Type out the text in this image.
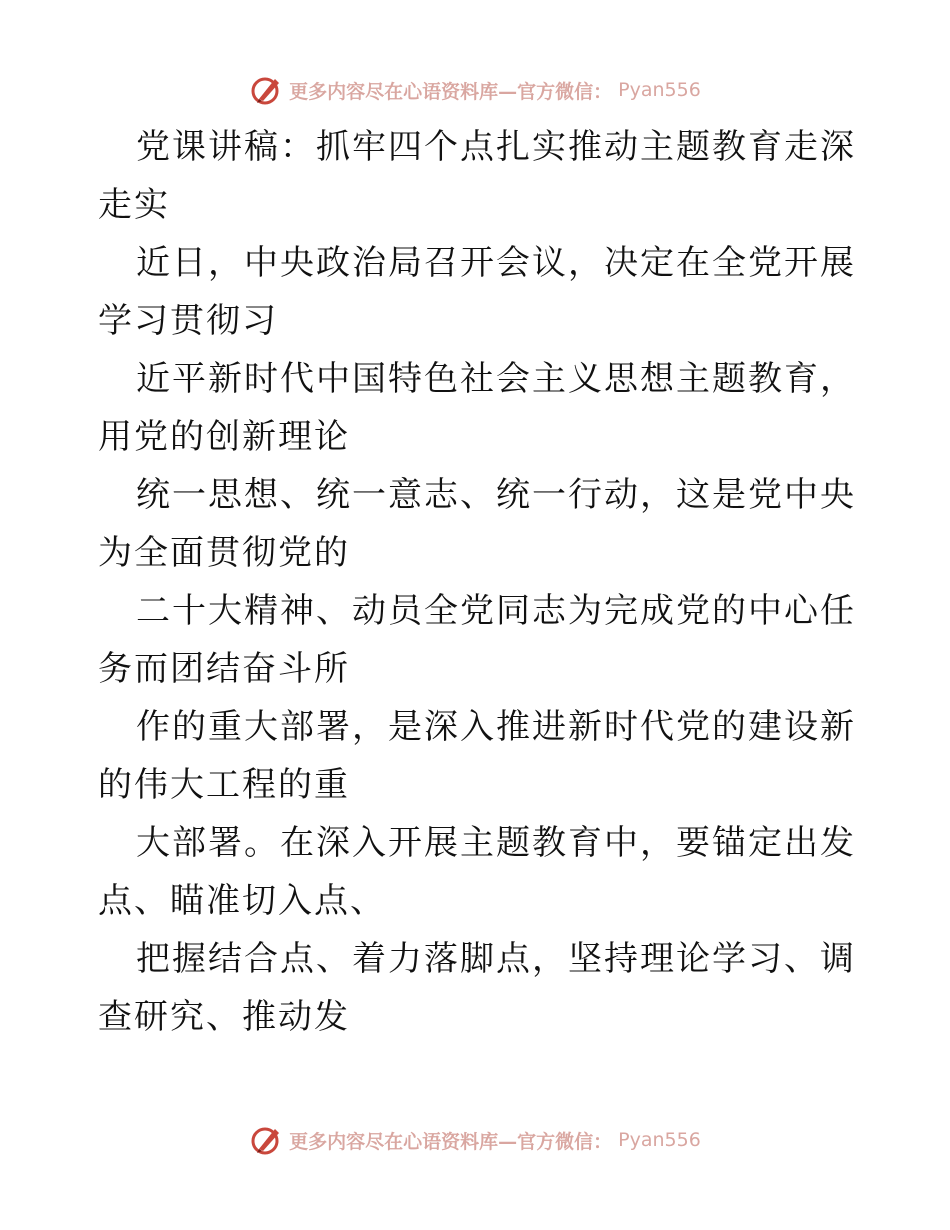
更多内容尽在心语资料库—官方微信： Pyan556

党课讲稿：抓牢四个点扎实推动主题教育走深走实

近日，中央政治局召开会议，决定在全党开展学习贯彻习

近平新时代中国特色社会主义思想主题教育，用党的创新理论

统一思想、统一意志、统一行动，这是党中央为全面贯彻党的

二十大精神、动员全党同志为完成党的中心任务而团结奋斗所

作的重大部署，是深入推进新时代党的建设新的伟大工程的重

大部署。在深入开展主题教育中，要锚定出发点、瞄准切入点、

把握结合点、着力落脚点，坚持理论学习、调查研究、推动发

更多内容尽在心语资料库—官方微信： Pyan556
